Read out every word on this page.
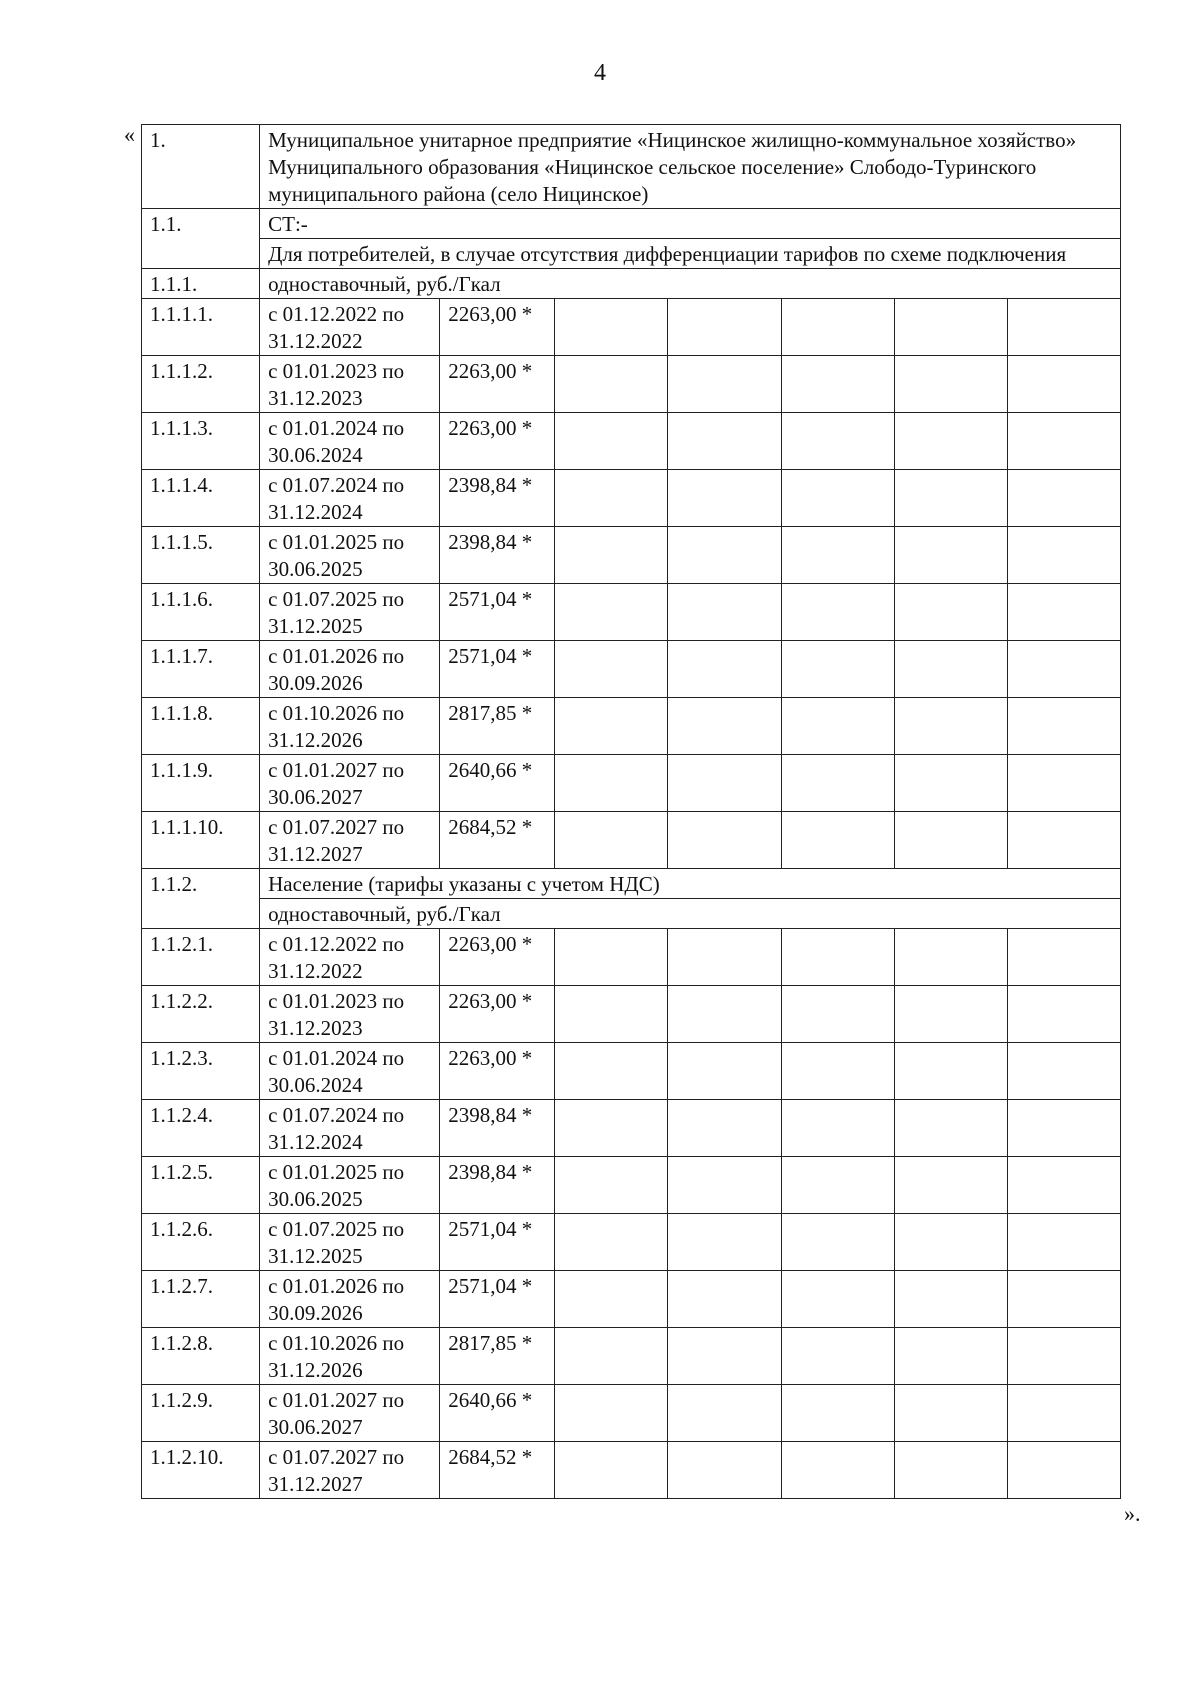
4
« 1.	Муниципальное унитарное предприятие «Ницинское жилищно-коммунальное хозяйство» Муниципального образования «Ницинское сельское поселение» Слободо-Туринского муниципального района (село Ницинское)						
1.1.	СТ:-						
	Для потребителей, в случае отсутствия дифференциации тарифов по схеме подключения						
1.1.1.	одноставочный, руб./Гкал						
1.1.1.1.	с 01.12.2022 по 31.12.2022	2263,00 *					
1.1.1.2.	с 01.01.2023 по 31.12.2023	2263,00 *					
1.1.1.3.	с 01.01.2024 по 30.06.2024	2263,00 *					
1.1.1.4.	с 01.07.2024 по 31.12.2024	2398,84 *					
1.1.1.5.	с 01.01.2025 по 30.06.2025	2398,84 *					
1.1.1.6.	с 01.07.2025 по 31.12.2025	2571,04 *					
1.1.1.7.	с 01.01.2026 по 30.09.2026	2571,04 *					
1.1.1.8.	с 01.10.2026 по 31.12.2026	2817,85 *					
1.1.1.9.	с 01.01.2027 по 30.06.2027	2640,66 *					
1.1.1.10.	с 01.07.2027 по 31.12.2027	2684,52 *					
1.1.2.	Население (тарифы указаны с учетом НДС)						
	одноставочный, руб./Гкал						
1.1.2.1.	с 01.12.2022 по 31.12.2022	2263,00 *					
1.1.2.2.	с 01.01.2023 по 31.12.2023	2263,00 *					
1.1.2.3.	с 01.01.2024 по 30.06.2024	2263,00 *					
1.1.2.4.	с 01.07.2024 по 31.12.2024	2398,84 *					
1.1.2.5.	с 01.01.2025 по 30.06.2025	2398,84 *					
1.1.2.6.	с 01.07.2025 по 31.12.2025	2571,04 *					
1.1.2.7.	с 01.01.2026 по 30.09.2026	2571,04 *					
1.1.2.8.	с 01.10.2026 по 31.12.2026	2817,85 *					
1.1.2.9.	с 01.01.2027 по 30.06.2027	2640,66 *					
1.1.2.10.	с 01.07.2027 по 31.12.2027	2684,52 *					
».
